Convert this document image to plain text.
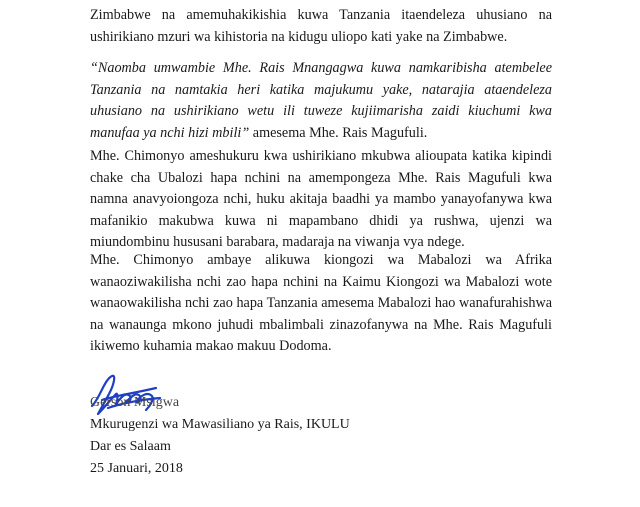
Zimbabwe na amemuhakikishia kuwa Tanzania itaendeleza uhusiano na ushirikiano mzuri wa kihistoria na kidugu uliopo kati yake na Zimbabwe.

“Naomba umwambie Mhe. Rais Mnangagwa kuwa namkaribisha atembelee Tanzania na namtakia heri katika majukumu yake, natarajia ataendeleza uhusiano na ushirikiano wetu ili tuweze kujiimarisha zaidi kiuchumi kwa manufaa ya nchi hizi mbili” amesema Mhe. Rais Magufuli.

Mhe. Chimonyo ameshukuru kwa ushirikiano mkubwa alioupata katika kipindi chake cha Ubalozi hapa nchini na amempongeza Mhe. Rais Magufuli kwa namna anavyoiongoza nchi, huku akitaja baadhi ya mambo yanayofanywa kwa mafanikio makubwa kuwa ni mapambano dhidi ya rushwa, ujenzi wa miundombinu hususani barabara, madaraja na viwanja vya ndege.

Mhe. Chimonyo ambaye alikuwa kiongozi wa Mabalozi wa Afrika wanaoziwakilisha nchi zao hapa nchini na Kaimu Kiongozi wa Mabalozi wote wanaowakilisha nchi zao hapa Tanzania amesema Mabalozi hao wanafurahishwa na wanaunga mkono juhudi mbalimbali zinazofanywa na Mhe. Rais Magufuli ikiwemo kuhamia makao makuu Dodoma.

Gerson Msigwa
Mkurugenzi wa Mawasiliano ya Rais, IKULU
Dar es Salaam
25 Januari, 2018
